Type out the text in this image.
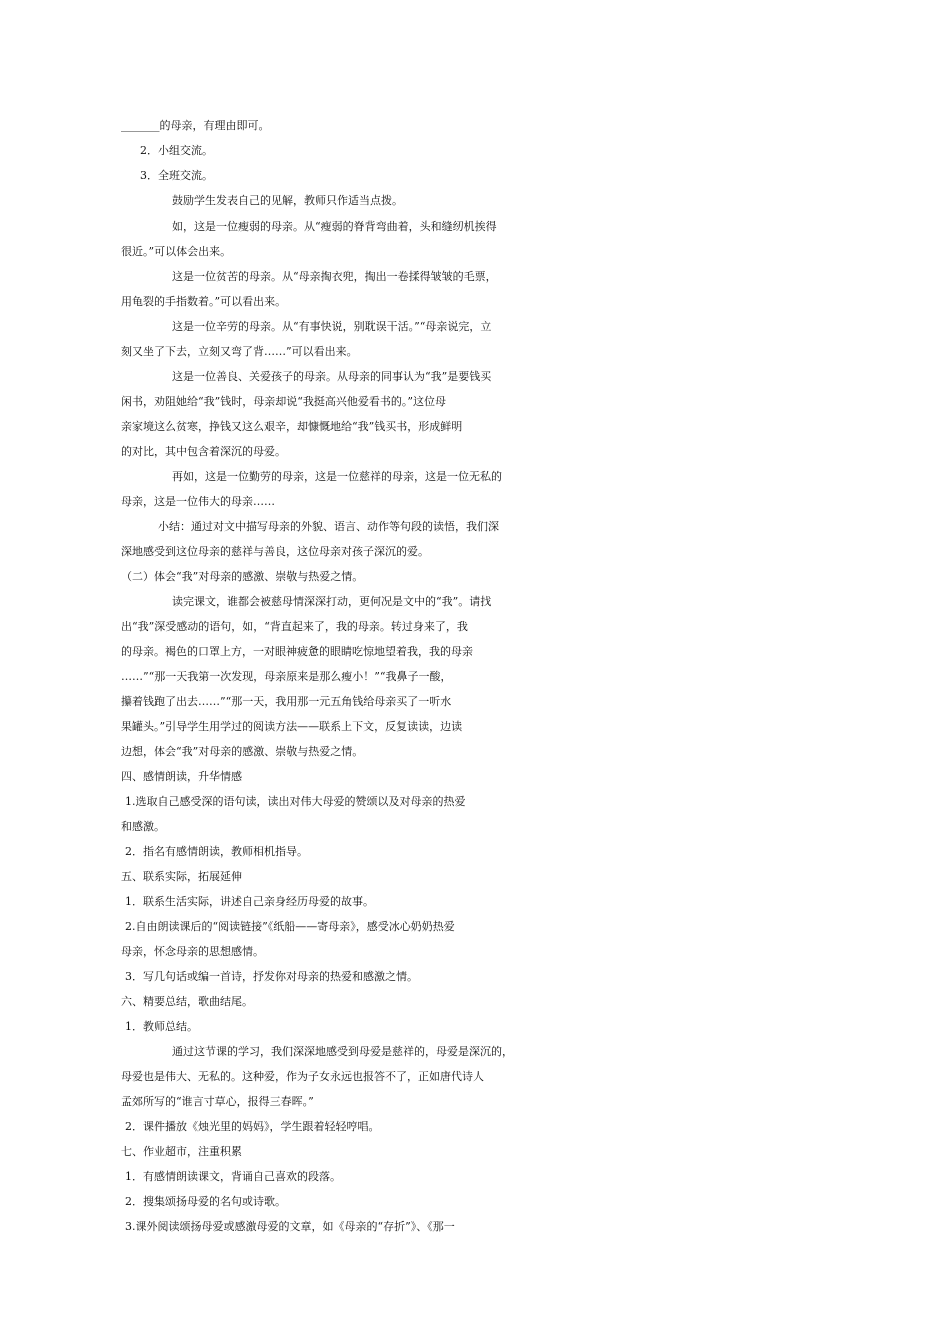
_______的母亲，有理由即可。
2．小组交流。
3．全班交流。
鼓励学生发表自己的见解，教师只作适当点拨。
如，这是一位瘦弱的母亲。从“瘦弱的脊背弯曲着，头和缝纫机挨得
很近。”可以体会出来。
这是一位贫苦的母亲。从“母亲掏衣兜，掏出一卷揉得皱皱的毛票，
用龟裂的手指数着。”可以看出来。
这是一位辛劳的母亲。从“有事快说，别耽误干活。”“母亲说完，立
刻又坐了下去，立刻又弯了背……”可以看出来。
这是一位善良、关爱孩子的母亲。从母亲的同事认为“我”是要钱买
闲书，劝阻她给“我”钱时，母亲却说“我挺高兴他爱看书的。”这位母
亲家境这么贫寒，挣钱又这么艰辛，却慷慨地给“我”钱买书，形成鲜明
的对比，其中包含着深沉的母爱。
再如，这是一位勤劳的母亲，这是一位慈祥的母亲，这是一位无私的
母亲，这是一位伟大的母亲……
小结：通过对文中描写母亲的外貌、语言、动作等句段的读悟，我们深
深地感受到这位母亲的慈祥与善良，这位母亲对孩子深沉的爱。
（二）体会“我”对母亲的感激、崇敬与热爱之情。
读完课文，谁都会被慈母情深深打动，更何况是文中的“我”。请找
出“我”深受感动的语句，如，“背直起来了，我的母亲。转过身来了，我
的母亲。褐色的口罩上方，一对眼神疲惫的眼睛吃惊地望着我，我的母亲
……”“那一天我第一次发现，母亲原来是那么瘦小！”“我鼻子一酸，
攥着钱跑了出去……”“那一天，我用那一元五角钱给母亲买了一听水
果罐头。”引导学生用学过的阅读方法——联系上下文，反复读读，边读
边想，体会“我”对母亲的感激、崇敬与热爱之情。
四、感情朗读，升华情感
1.选取自己感受深的语句读，读出对伟大母爱的赞颂以及对母亲的热爱
和感激。
2．指名有感情朗读，教师相机指导。
五、联系实际，拓展延伸
1．联系生活实际，讲述自己亲身经历母爱的故事。
2.自由朗读课后的“阅读链接”《纸船——寄母亲》，感受冰心奶奶热爱
母亲，怀念母亲的思想感情。
3．写几句话或编一首诗，抒发你对母亲的热爱和感激之情。
六、精要总结，歌曲结尾。
1．教师总结。
通过这节课的学习，我们深深地感受到母爱是慈祥的，母爱是深沉的，
母爱也是伟大、无私的。这种爱，作为子女永远也报答不了，正如唐代诗人
孟郊所写的“谁言寸草心，报得三春晖。”
2．课件播放《烛光里的妈妈》，学生跟着轻轻哼唱。
七、作业超市，注重积累
1．有感情朗读课文，背诵自己喜欢的段落。
2．搜集颂扬母爱的名句或诗歌。
3.课外阅读颂扬母爱或感激母爱的文章，如《母亲的“存折”》、《那一
